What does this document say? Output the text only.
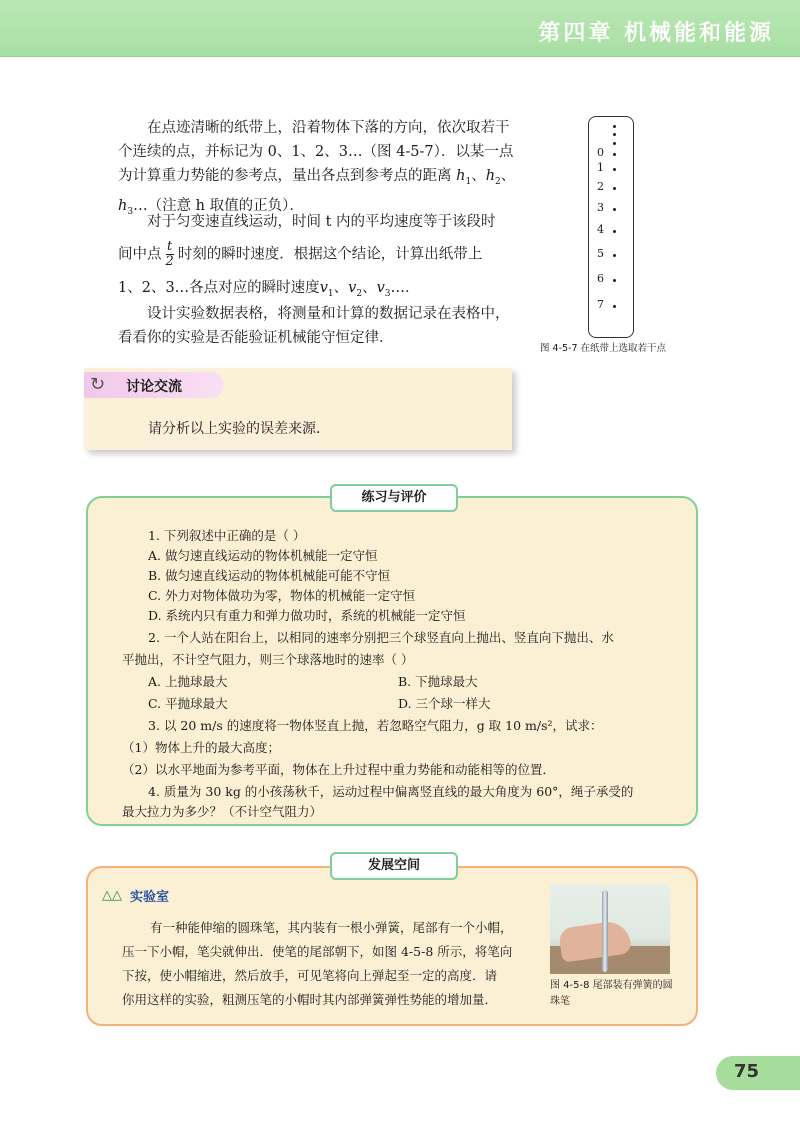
第四章 机械能和能源
在点迹清晰的纸带上，沿着物体下落的方向，依次取若干个连续的点，并标记为 0、1、2、3…（图 4-5-7）．以某一点为计算重力势能的参考点，量出各点到参考点的距离 $h_1$、$h_2$、$h_3\dots$（注意 h 取值的正负）．
对于匀变速直线运动，时间 t 内的平均速度等于该段时
间中点 $\frac{t}{2}$ 时刻的瞬时速度．根据这个结论，计算出纸带上
1、2、3…各点对应的瞬时速度$v_1$、$v_2$、$v_3\dots$．
设计实验数据表格，将测量和计算的数据记录在表格中，看看你的实验是否能验证机械能守恒定律．
0
1
2
3
4
5
6
7
图 4-5-7 在纸带上选取若干点
↻	讨论交流
请分析以上实验的误差来源．
练习与评价
1. 下列叙述中正确的是（ ）
A. 做匀速直线运动的物体机械能一定守恒
B. 做匀速直线运动的物体机械能可能不守恒
C. 外力对物体做功为零，物体的机械能一定守恒
D. 系统内只有重力和弹力做功时，系统的机械能一定守恒
2. 一个人站在阳台上，以相同的速率分别把三个球竖直向上抛出、竖直向下抛出、水
平抛出，不计空气阻力，则三个球落地时的速率（ ）
A. 上抛球最大	B. 下抛球最大
C. 平抛球最大	D. 三个球一样大
3. 以 20 m/s 的速度将一物体竖直上抛，若忽略空气阻力，g 取 10 m/s²，试求：
（1）物体上升的最大高度；
（2）以水平地面为参考平面，物体在上升过程中重力势能和动能相等的位置．
4. 质量为 30 kg 的小孩荡秋千，运动过程中偏离竖直线的最大角度为 60°，绳子承受的
最大拉力为多少？（不计空气阻力）
发展空间
△△ 实验室
有一种能伸缩的圆珠笔，其内装有一根小弹簧，尾部有一个小帽，
压一下小帽，笔尖就伸出．使笔的尾部朝下，如图 4-5-8 所示，将笔向
下按，使小帽缩进，然后放手，可见笔将向上弹起至一定的高度．请
你用这样的实验，粗测压笔的小帽时其内部弹簧弹性势能的增加量．
图 4-5-8 尾部装有弹簧的圆珠笔
75
